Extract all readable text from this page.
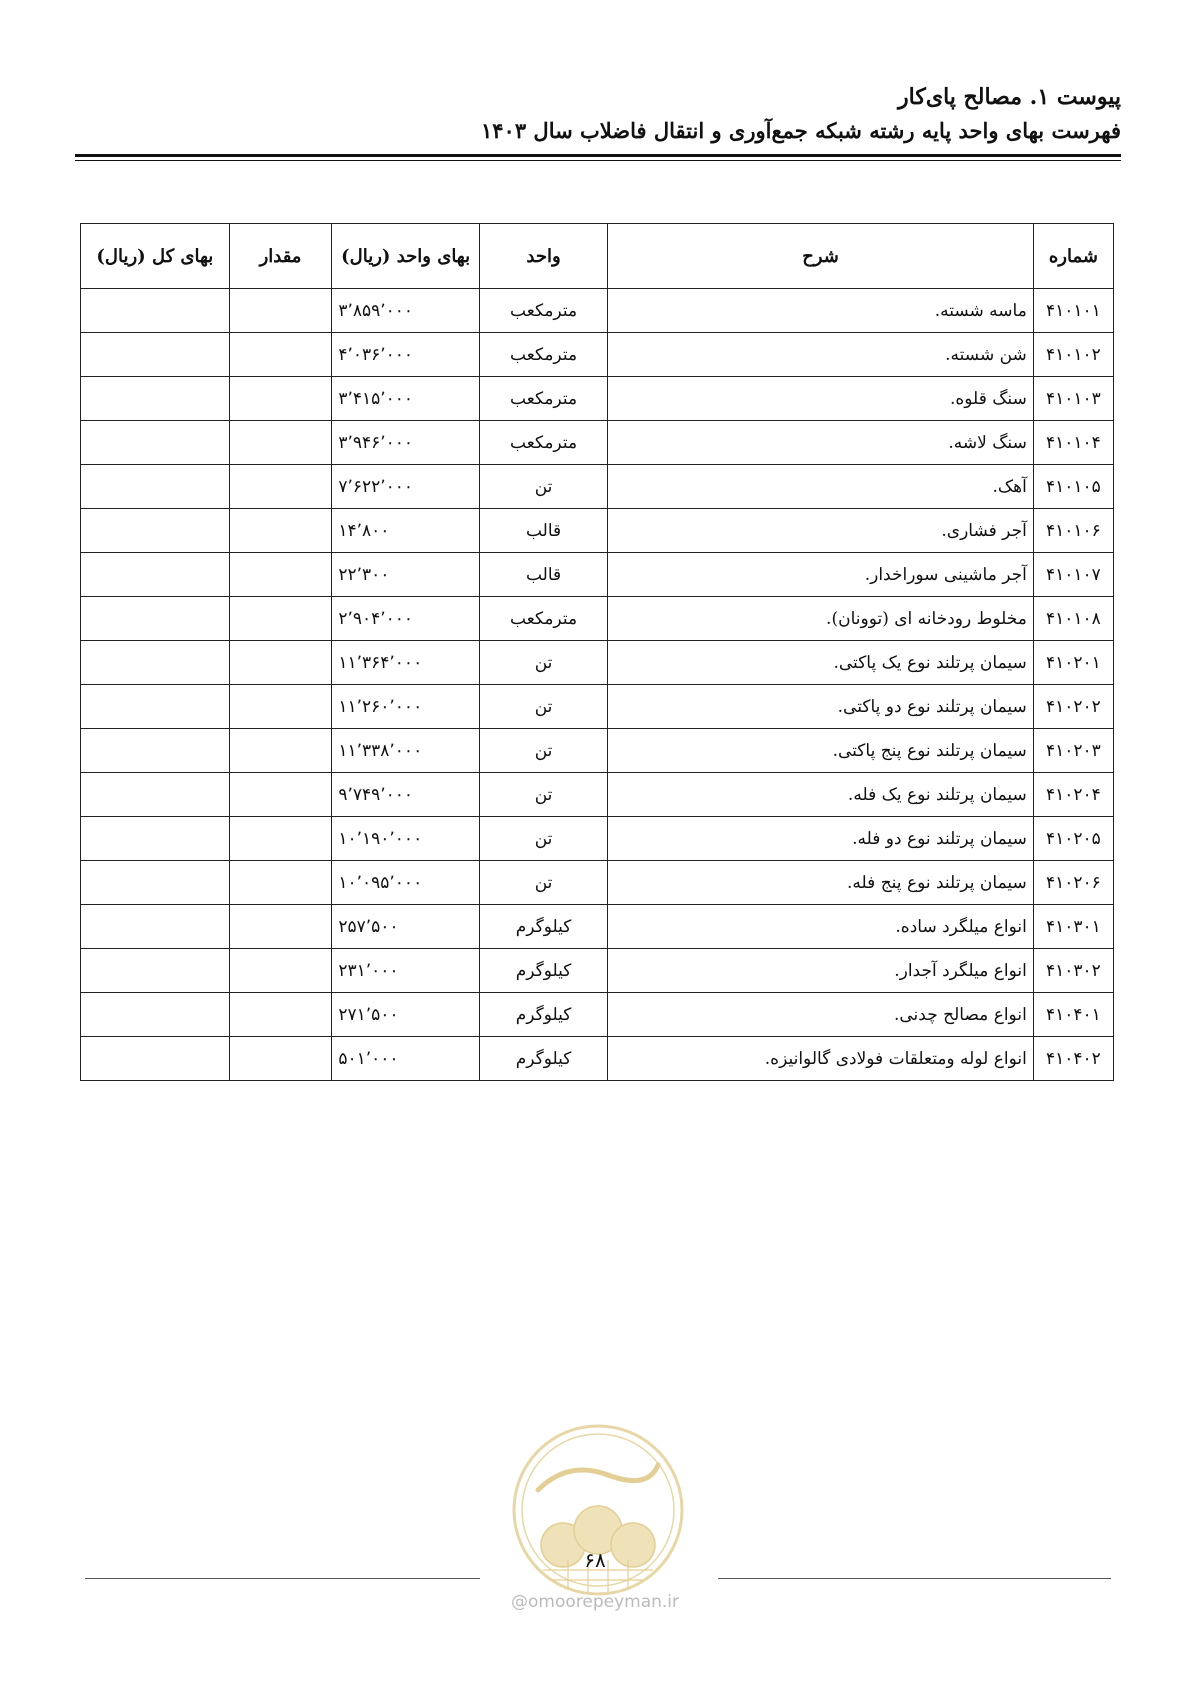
پیوست ۱. مصالح پای‌کار
فهرست بهای واحد پایه رشته شبکه جمع‌آوری و انتقال فاضلاب سال ۱۴۰۳
شماره	شرح	واحد	بهای واحد (ریال)	مقدار	بهای کل (ریال)
۴۱۰۱۰۱	ماسه شسته.	مترمکعب	۳٬۸۵۹٬۰۰۰		
۴۱۰۱۰۲	شن شسته.	مترمکعب	۴٬۰۳۶٬۰۰۰		
۴۱۰۱۰۳	سنگ قلوه.	مترمکعب	۳٬۴۱۵٬۰۰۰		
۴۱۰۱۰۴	سنگ لاشه.	مترمکعب	۳٬۹۴۶٬۰۰۰		
۴۱۰۱۰۵	آهک.	تن	۷٬۶۲۲٬۰۰۰		
۴۱۰۱۰۶	آجر فشاری.	قالب	۱۴٬۸۰۰		
۴۱۰۱۰۷	آجر ماشینی سوراخدار.	قالب	۲۲٬۳۰۰		
۴۱۰۱۰۸	مخلوط رودخانه ای (توونان).	مترمکعب	۲٬۹۰۴٬۰۰۰		
۴۱۰۲۰۱	سیمان پرتلند نوع یک پاکتی.	تن	۱۱٬۳۶۴٬۰۰۰		
۴۱۰۲۰۲	سیمان پرتلند نوع دو پاکتی.	تن	۱۱٬۲۶۰٬۰۰۰		
۴۱۰۲۰۳	سیمان پرتلند نوع پنج پاکتی.	تن	۱۱٬۳۳۸٬۰۰۰		
۴۱۰۲۰۴	سیمان پرتلند نوع یک فله.	تن	۹٬۷۴۹٬۰۰۰		
۴۱۰۲۰۵	سیمان پرتلند نوع دو فله.	تن	۱۰٬۱۹۰٬۰۰۰		
۴۱۰۲۰۶	سیمان پرتلند نوع پنج فله.	تن	۱۰٬۰۹۵٬۰۰۰		
۴۱۰۳۰۱	انواع میلگرد ساده.	کیلوگرم	۲۵۷٬۵۰۰		
۴۱۰۳۰۲	انواع میلگرد آجدار.	کیلوگرم	۲۳۱٬۰۰۰		
۴۱۰۴۰۱	انواع مصالح چدنی.	کیلوگرم	۲۷۱٬۵۰۰		
۴۱۰۴۰۲	انواع لوله ومتعلقات فولادی گالوانیزه.	کیلوگرم	۵۰۱٬۰۰۰		
۶۸
@omoorepeyman.ir
